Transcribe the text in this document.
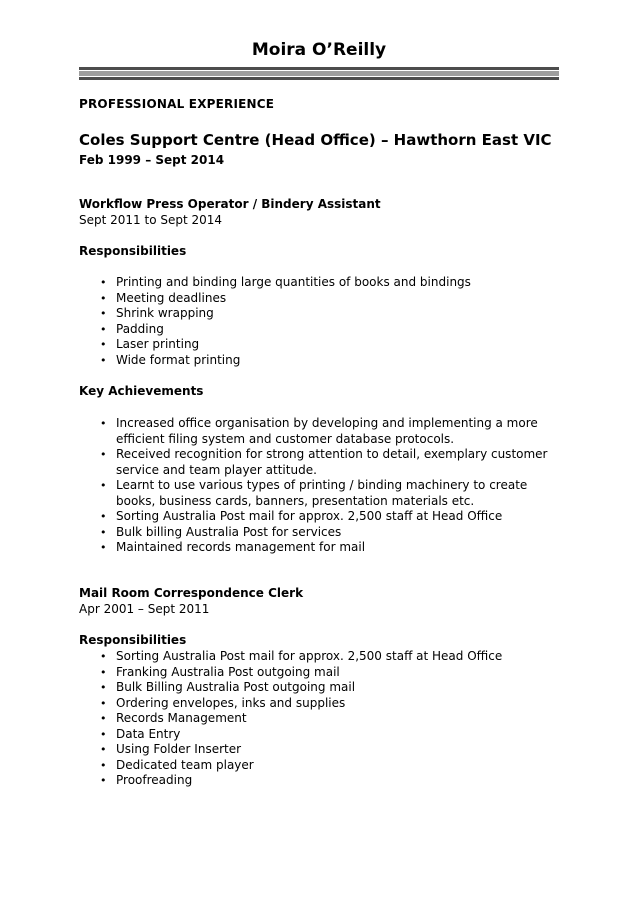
Moira O’Reilly
PROFESSIONAL EXPERIENCE
Coles Support Centre (Head Office) – Hawthorn East VIC
Feb 1999 – Sept 2014
Workflow Press Operator / Bindery Assistant
Sept 2011 to Sept 2014
Responsibilities
• Printing and binding large quantities of books and bindings
• Meeting deadlines
• Shrink wrapping
• Padding
• Laser printing
• Wide format printing
Key Achievements
• Increased office organisation by developing and implementing a more efficient filing system and customer database protocols.
• Received recognition for strong attention to detail, exemplary customer service and team player attitude.
• Learnt to use various types of printing / binding machinery to create books, business cards, banners, presentation materials etc.
• Sorting Australia Post mail for approx. 2,500 staff at Head Office
• Bulk billing Australia Post for services
• Maintained records management for mail
Mail Room Correspondence Clerk
Apr 2001 – Sept 2011
Responsibilities
• Sorting Australia Post mail for approx. 2,500 staff at Head Office
• Franking Australia Post outgoing mail
• Bulk Billing Australia Post outgoing mail
• Ordering envelopes, inks and supplies
• Records Management
• Data Entry
• Using Folder Inserter
• Dedicated team player
• Proofreading
